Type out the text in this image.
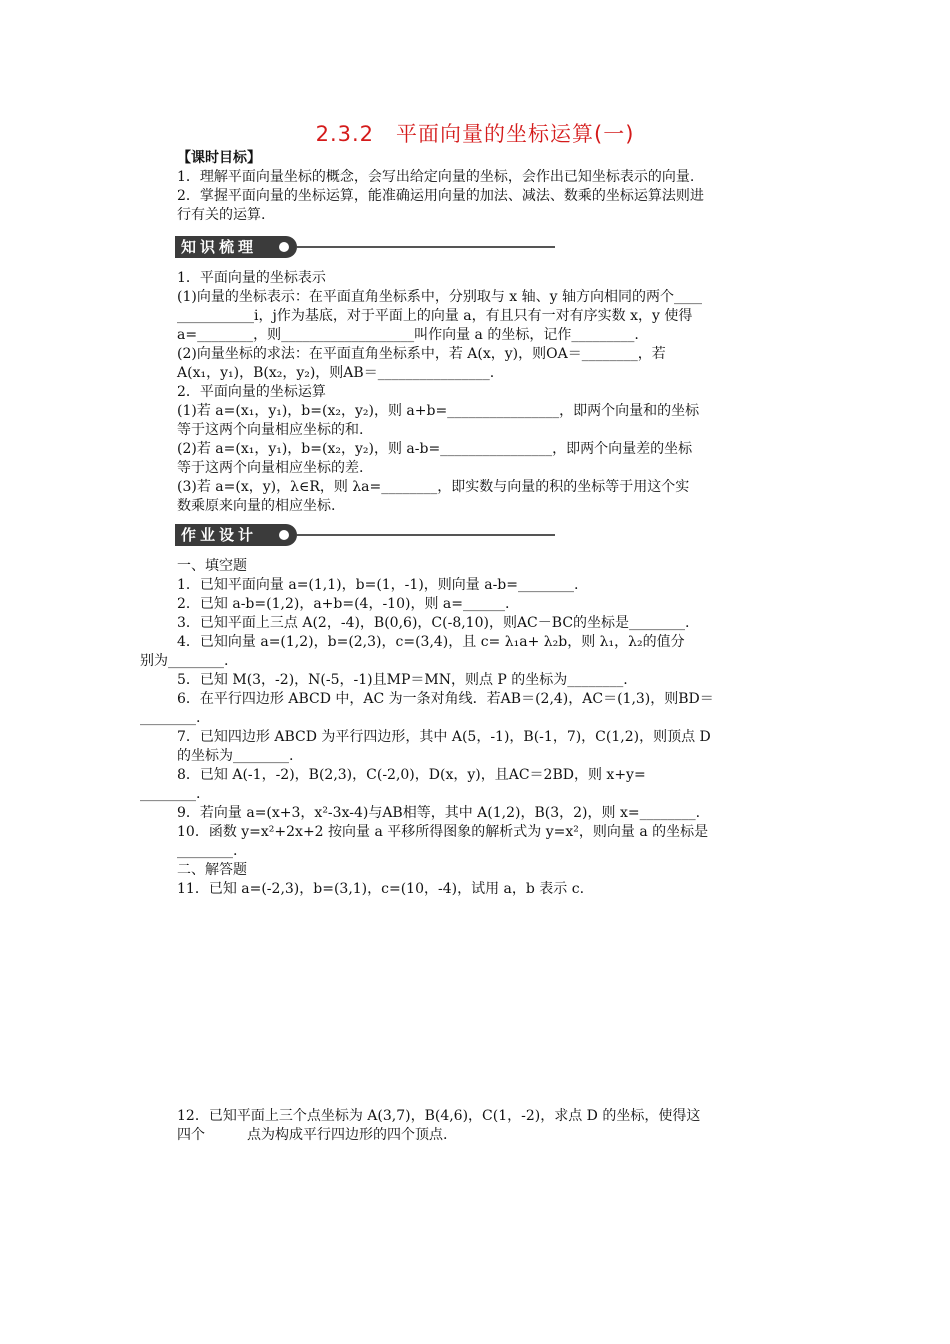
2.3.2　平面向量的坐标运算(一)
【课时目标】
1．理解平面向量坐标的概念，会写出给定向量的坐标，会作出已知坐标表示的向量.
2．掌握平面向量的坐标运算，能准确运用向量的加法、减法、数乘的坐标运算法则进
行有关的运算.
知识梳理
1．平面向量的坐标表示
(1)向量的坐标表示：在平面直角坐标系中，分别取与 x 轴、y 轴方向相同的两个____
___________i，j作为基底，对于平面上的向量 a，有且只有一对有序实数 x，y 使得
a=________，则___________________叫作向量 a 的坐标，记作_________.
(2)向量坐标的求法：在平面直角坐标系中，若 A(x，y)，则OA＝________，若
A(x₁，y₁)，B(x₂，y₂)，则AB＝________________.
2．平面向量的坐标运算
(1)若 a=(x₁，y₁)，b=(x₂，y₂)，则 a+b=________________，即两个向量和的坐标
等于这两个向量相应坐标的和.
(2)若 a=(x₁，y₁)，b=(x₂，y₂)，则 a-b=________________，即两个向量差的坐标
等于这两个向量相应坐标的差.
(3)若 a=(x，y)，λ∈R，则 λa=________，即实数与向量的积的坐标等于用这个实
数乘原来向量的相应坐标.
作业设计
一、填空题
1．已知平面向量 a=(1,1)，b=(1，-1)，则向量 a-b=________.
2．已知 a-b=(1,2)，a+b=(4，-10)，则 a=______.
3．已知平面上三点 A(2，-4)，B(0,6)，C(-8,10)，则AC－BC的坐标是________.
4．已知向量 a=(1,2)，b=(2,3)，c=(3,4)，且 c= λ₁a+ λ₂b，则 λ₁，λ₂的值分
别为________.
5．已知 M(3，-2)，N(-5，-1)且MP＝MN，则点 P 的坐标为________.
6．在平行四边形 ABCD 中，AC 为一条对角线．若AB＝(2,4)，AC＝(1,3)，则BD＝
________.
7．已知四边形 ABCD 为平行四边形，其中 A(5，-1)，B(-1，7)，C(1,2)，则顶点 D
的坐标为________.
8．已知 A(-1，-2)，B(2,3)，C(-2,0)，D(x，y)，且AC＝2BD，则 x+y=
________.
9．若向量 a=(x+3，x²-3x-4)与AB相等，其中 A(1,2)，B(3，2)，则 x=________.
10．函数 y=x²+2x+2 按向量 a 平移所得图象的解析式为 y=x²，则向量 a 的坐标是
________.
二、解答题
11．已知 a=(-2,3)，b=(3,1)，c=(10，-4)，试用 a，b 表示 c.
12．已知平面上三个点坐标为 A(3,7)，B(4,6)，C(1，-2)，求点 D 的坐标，使得这
四个　　　点为构成平行四边形的四个顶点.
